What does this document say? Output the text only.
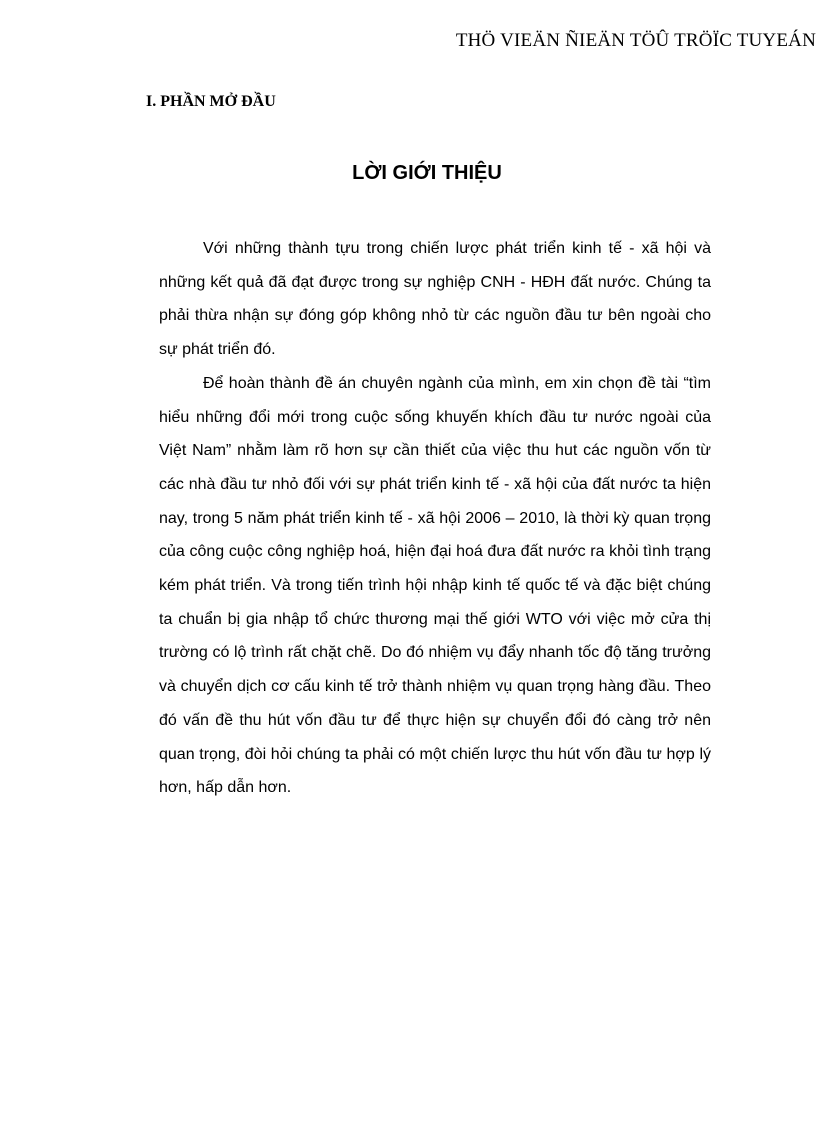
THÖ VIEÄN ÑIEÄN TÖÛ TRÖÏC TUYEÁN
I. PHẦN MỞ ĐẦU
LỜI GIỚI THIỆU

Với những thành tựu trong chiến lược phát triển kinh tế - xã hội và những kết quả đã đạt được trong sự nghiệp CNH - HĐH đất nước. Chúng ta phải thừa nhận sự đóng góp không nhỏ từ các nguồn đầu tư bên ngoài cho sự phát triển đó.

Để hoàn thành đề án chuyên ngành của mình, em xin chọn đề tài “tìm hiểu những đổi mới trong cuộc sống khuyến khích đầu tư nước ngoài của Việt Nam” nhằm làm rõ hơn sự cần thiết của việc thu hut các nguồn vốn từ các nhà đầu tư nhỏ đối với sự phát triển kinh tế - xã hội của đất nước ta hiện nay, trong 5 năm phát triển kinh tế - xã hội 2006 – 2010, là thời kỳ quan trọng của công cuộc công nghiệp hoá, hiện đại hoá đưa đất nước ra khỏi tình trạng kém phát triển. Và trong tiến trình hội nhập kinh tế quốc tế và đặc biệt chúng ta chuẩn bị gia nhập tổ chức thương mại thế giới WTO với việc mở cửa thị trường có lộ trình rất chặt chẽ. Do đó nhiệm vụ đẩy nhanh tốc độ tăng trưởng và chuyển dịch cơ cấu kinh tế trở thành nhiệm vụ quan trọng hàng đầu. Theo đó vấn đề thu hút vốn đầu tư để thực hiện sự chuyển đổi đó càng trở nên quan trọng, đòi hỏi chúng ta phải có một chiến lược thu hút vốn đầu tư hợp lý hơn, hấp dẫn hơn.
